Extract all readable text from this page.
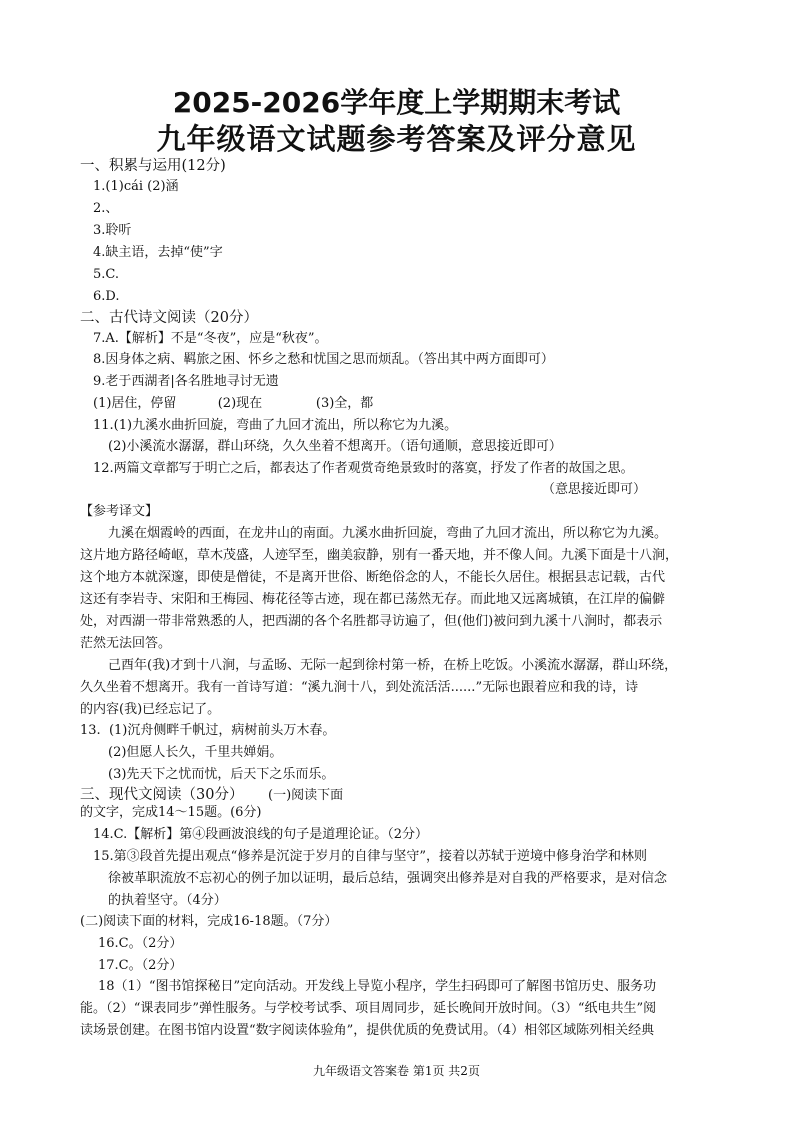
2025-2026学年度上学期期末考试
九年级语文试题参考答案及评分意见
一、积累与运用(12分)
1.(1)cái (2)涵
2.、
3.聆听
4.缺主语，去掉“使”字
5.C.
6.D.
二、古代诗文阅读（20分）
7.A.【解析】不是“冬夜”，应是“秋夜”。
8.因身体之病、羁旅之困、怀乡之愁和忧国之思而烦乱。（答出其中两方面即可）
9.老于西湖者|各名胜地寻讨无遗
(1)居住，停留          (2)现在             (3)全，都
11.(1)九溪水曲折回旋，弯曲了九回才流出，所以称它为九溪。
(2)小溪流水潺潺，群山环绕，久久坐着不想离开。（语句通顺，意思接近即可）
12.两篇文章都写于明亡之后，都表达了作者观赏奇绝景致时的落寞，抒发了作者的故国之思。
（意思接近即可）
【参考译文】
九溪在烟霞岭的西面，在龙井山的南面。九溪水曲折回旋，弯曲了九回才流出，所以称它为九溪。
这片地方路径崎岖，草木茂盛，人迹罕至，幽美寂静，别有一番天地，并不像人间。九溪下面是十八涧，
这个地方本就深邃，即使是僧徒，不是离开世俗、断绝俗念的人，不能长久居住。根据县志记载，古代
这还有李岩寺、宋阳和王梅园、梅花径等古迹，现在都已荡然无存。而此地又远离城镇，在江岸的偏僻
处，对西湖一带非常熟悉的人，把西湖的各个名胜都寻访遍了，但(他们)被问到九溪十八涧时，都表示
茫然无法回答。
己酉年(我)才到十八涧，与孟旸、无际一起到徐村第一桥，在桥上吃饭。小溪流水潺潺，群山环绕，
久久坐着不想离开。我有一首诗写道：“溪九涧十八，到处流活活......”无际也跟着应和我的诗，诗
的内容(我)已经忘记了。
13.  (1)沉舟侧畔千帆过，病树前头万木春。
(2)但愿人长久，千里共婵娟。
(3)先天下之忧而忧，后天下之乐而乐。
三、现代文阅读（30分） (一)阅读下面
的文字，完成14～15题。(6分)
14.C.【解析】第④段画波浪线的句子是道理论证。（2分）
15.第③段首先提出观点“修养是沉淀于岁月的自律与坚守”，接着以苏轼于逆境中修身治学和林则
徐被革职流放不忘初心的例子加以证明，最后总结，强调突出修养是对自我的严格要求，是对信念
的执着坚守。（4分）
(二)阅读下面的材料，完成16-18题。（7分）
16.C。（2分）
17.C。（2分）
18（1）“图书馆探秘日”定向活动。开发线上导览小程序，学生扫码即可了解图书馆历史、服务功
能。（2）“课表同步”弹性服务。与学校考试季、项目周同步，延长晚间开放时间。（3）“纸电共生”阅
读场景创建。在图书馆内设置“数字阅读体验角”，提供优质的免费试用。（4）相邻区域陈列相关经典
九年级语文答案卷 第1页 共2页
